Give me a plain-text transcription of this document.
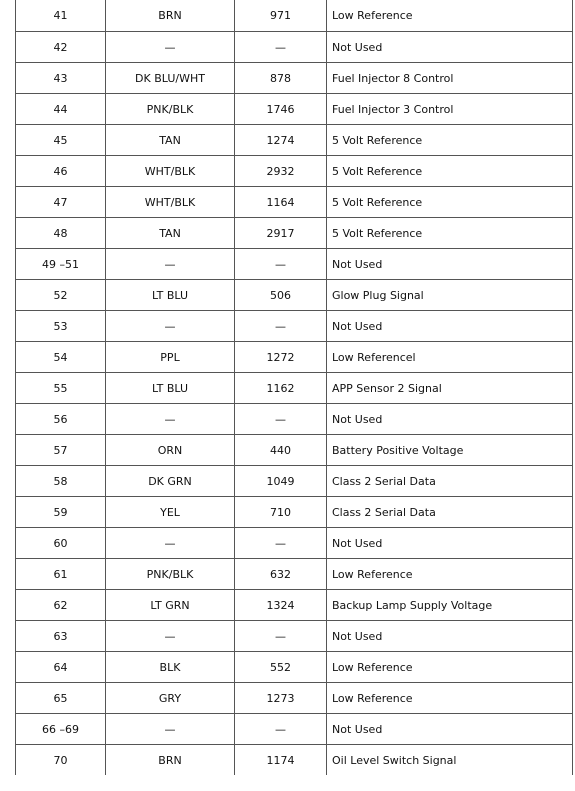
41	BRN	971	Low Reference
42	—	—	Not Used
43	DK BLU/WHT	878	Fuel Injector 8 Control
44	PNK/BLK	1746	Fuel Injector 3 Control
45	TAN	1274	5 Volt Reference
46	WHT/BLK	2932	5 Volt Reference
47	WHT/BLK	1164	5 Volt Reference
48	TAN	2917	5 Volt Reference
49 –51	—	—	Not Used
52	LT BLU	506	Glow Plug Signal
53	—	—	Not Used
54	PPL	1272	Low Referencel
55	LT BLU	1162	APP Sensor 2 Signal
56	—	—	Not Used
57	ORN	440	Battery Positive Voltage
58	DK GRN	1049	Class 2 Serial Data
59	YEL	710	Class 2 Serial Data
60	—	—	Not Used
61	PNK/BLK	632	Low Reference
62	LT GRN	1324	Backup Lamp Supply Voltage
63	—	—	Not Used
64	BLK	552	Low Reference
65	GRY	1273	Low Reference
66 –69	—	—	Not Used
70	BRN	1174	Oil Level Switch Signal
